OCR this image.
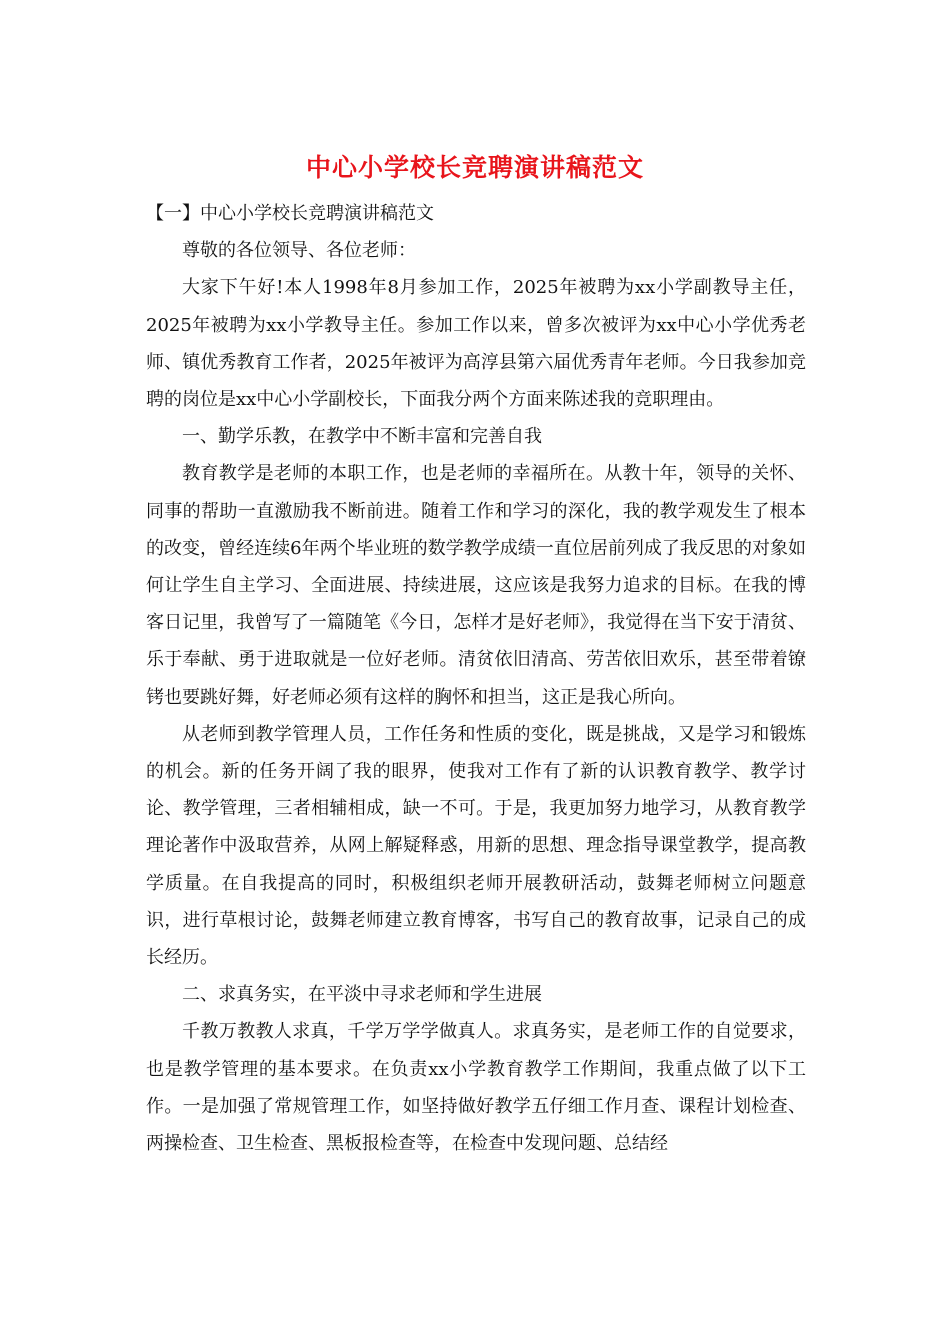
中心小学校长竞聘演讲稿范文

【一】中心小学校长竞聘演讲稿范文

尊敬的各位领导、各位老师：

大家下午好!本人1998年8月参加工作，2025年被聘为xx小学副教导主任，2025年被聘为xx小学教导主任。参加工作以来，曾多次被评为xx中心小学优秀老师、镇优秀教育工作者，2025年被评为高淳县第六届优秀青年老师。今日我参加竞聘的岗位是xx中心小学副校长，下面我分两个方面来陈述我的竞职理由。

一、勤学乐教，在教学中不断丰富和完善自我

教育教学是老师的本职工作，也是老师的幸福所在。从教十年，领导的关怀、同事的帮助一直激励我不断前进。随着工作和学习的深化，我的教学观发生了根本的改变，曾经连续6年两个毕业班的数学教学成绩一直位居前列成了我反思的对象如何让学生自主学习、全面进展、持续进展，这应该是我努力追求的目标。在我的博客日记里，我曾写了一篇随笔《今日，怎样才是好老师》，我觉得在当下安于清贫、乐于奉献、勇于进取就是一位好老师。清贫依旧清高、劳苦依旧欢乐，甚至带着镣铐也要跳好舞，好老师必须有这样的胸怀和担当，这正是我心所向。

从老师到教学管理人员，工作任务和性质的变化，既是挑战，又是学习和锻炼的机会。新的任务开阔了我的眼界，使我对工作有了新的认识教育教学、教学讨论、教学管理，三者相辅相成，缺一不可。于是，我更加努力地学习，从教育教学理论著作中汲取营养，从网上解疑释惑，用新的思想、理念指导课堂教学，提高教学质量。在自我提高的同时，积极组织老师开展教研活动，鼓舞老师树立问题意识，进行草根讨论，鼓舞老师建立教育博客，书写自己的教育故事，记录自己的成长经历。

二、求真务实，在平淡中寻求老师和学生进展

千教万教教人求真，千学万学学做真人。求真务实，是老师工作的自觉要求，也是教学管理的基本要求。在负责xx小学教育教学工作期间，我重点做了以下工作。一是加强了常规管理工作，如坚持做好教学五仔细工作月查、课程计划检查、两操检查、卫生检查、黑板报检查等，在检查中发现问题、总结经
